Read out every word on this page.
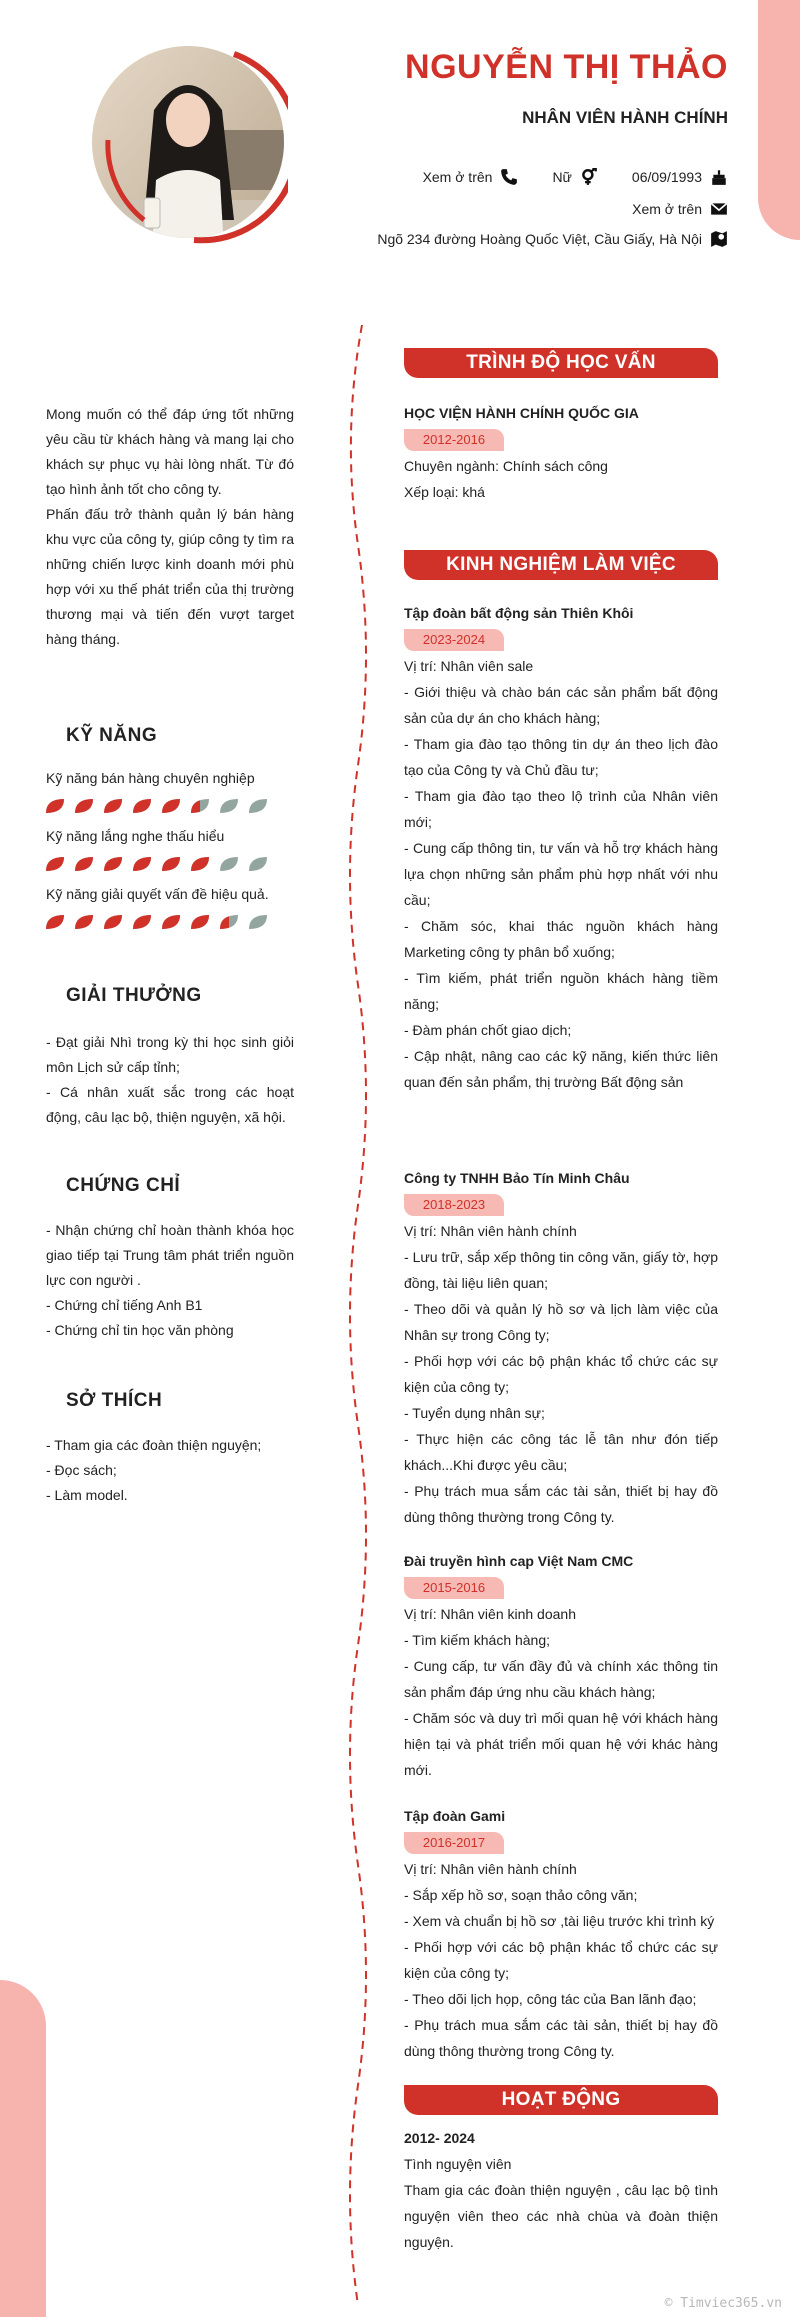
NGUYỄN THỊ THẢO
NHÂN VIÊN HÀNH CHÍNH
Xem ở trên	Nữ	06/09/1993
Xem ở trên
Ngõ 234 đường Hoàng Quốc Việt, Cầu Giấy, Hà Nội

Mong muốn có thể đáp ứng tốt những yêu cầu từ khách hàng và mang lại cho khách sự phục vụ hài lòng nhất. Từ đó tạo hình ảnh tốt cho công ty.

Phấn đấu trở thành quản lý bán hàng khu vực của công ty, giúp công ty tìm ra những chiến lược kinh doanh mới phù hợp với xu thế phát triển của thị trường thương mại và tiến đến vượt target hàng tháng.

KỸ NĂNG
Kỹ năng bán hàng chuyên nghiệp
Kỹ năng lắng nghe thấu hiểu
Kỹ năng giải quyết vấn đề hiệu quả.
GIẢI THƯỞNG

- Đạt giải Nhì trong kỳ thi học sinh giỏi môn Lịch sử cấp tỉnh;

- Cá nhân xuất sắc trong các hoạt động, câu lạc bộ, thiện nguyện, xã hội.

CHỨNG CHỈ

- Nhận chứng chỉ hoàn thành khóa học giao tiếp tại Trung tâm phát triển nguồn lực con người .

- Chứng chỉ tiếng Anh B1

- Chứng chỉ tin học văn phòng

SỞ THÍCH

- Tham gia các đoàn thiện nguyện;

- Đọc sách;

- Làm model.

TRÌNH ĐỘ HỌC VẤN
HỌC VIỆN HÀNH CHÍNH QUỐC GIA
2012-2016
Chuyên ngành: Chính sách công
Xếp loại: khá
KINH NGHIỆM LÀM VIỆC
Tập đoàn bất động sản Thiên Khôi
2023-2024
Vị trí: Nhân viên sale
- Giới thiệu và chào bán các sản phẩm bất động sản của dự án cho khách hàng;
- Tham gia đào tạo thông tin dự án theo lịch đào tạo của Công ty và Chủ đầu tư;
- Tham gia đào tạo theo lộ trình của Nhân viên mới;
- Cung cấp thông tin, tư vấn và hỗ trợ khách hàng lựa chọn những sản phẩm phù hợp nhất với nhu cầu;
- Chăm sóc, khai thác nguồn khách hàng Marketing công ty phân bổ xuống;
- Tìm kiếm, phát triển nguồn khách hàng tiềm năng;
- Đàm phán chốt giao dịch;
- Cập nhật, nâng cao các kỹ năng, kiến thức liên quan đến sản phẩm, thị trường Bất động sản
Công ty TNHH Bảo Tín Minh Châu
2018-2023
Vị trí: Nhân viên hành chính
- Lưu trữ, sắp xếp thông tin công văn, giấy tờ, hợp đồng, tài liệu liên quan;
- Theo dõi và quản lý hồ sơ và lịch làm việc của Nhân sự trong Công ty;
- Phối hợp với các bộ phận khác tổ chức các sự kiện của công ty;
- Tuyển dụng nhân sự;
- Thực hiện các công tác lễ tân như đón tiếp khách...Khi được yêu cầu;
- Phụ trách mua sắm các tài sản, thiết bị hay đồ dùng thông thường trong Công ty.
Đài truyền hình cap Việt Nam CMC
2015-2016
Vị trí: Nhân viên kinh doanh
- Tìm kiếm khách hàng;
- Cung cấp, tư vấn đầy đủ và chính xác thông tin sản phẩm đáp ứng nhu cầu khách hàng;
- Chăm sóc và duy trì mối quan hệ với khách hàng hiện tại và phát triển mối quan hệ với khác hàng mới.
Tập đoàn Gami
2016-2017
Vị trí: Nhân viên hành chính
- Sắp xếp hồ sơ, soạn thảo công văn;
- Xem và chuẩn bị hồ sơ ,tài liệu trước khi trình ký
- Phối hợp với các bộ phận khác tổ chức các sự kiện của công ty;
- Theo dõi lịch họp, công tác của Ban lãnh đạo;
- Phụ trách mua sắm các tài sản, thiết bị hay đồ dùng thông thường trong Công ty.
HOẠT ĐỘNG
2012- 2024
Tình nguyện viên
Tham gia các đoàn thiện nguyện , câu lạc bộ tình nguyện viên theo các nhà chùa và đoàn thiện nguyện.
© Timviec365.vn
